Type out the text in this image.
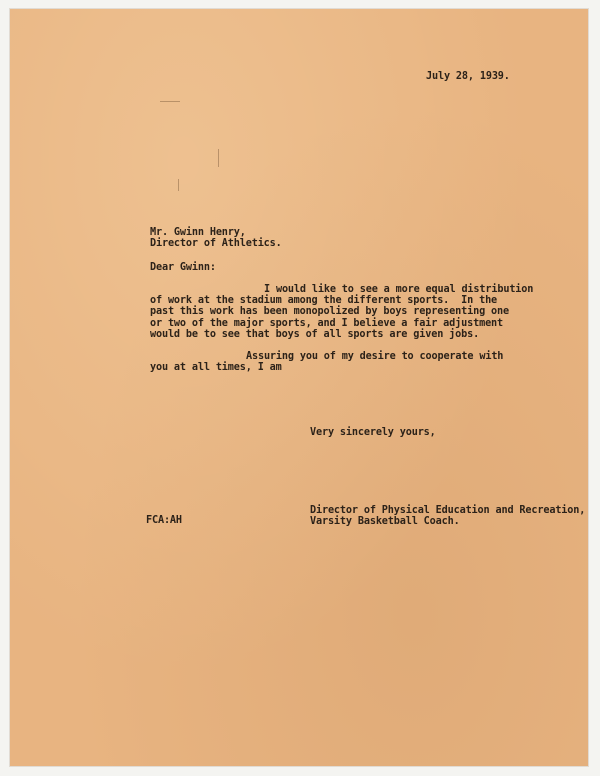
July 28, 1939.
Mr. Gwinn Henry,
Director of Athletics.
Dear Gwinn:
I would like to see a more equal distribution
of work at the stadium among the different sports.  In the
past this work has been monopolized by boys representing one
or two of the major sports, and I believe a fair adjustment
would be to see that boys of all sports are given jobs.
Assuring you of my desire to cooperate with
you at all times, I am
Very sincerely yours,
FCA:AH
Director of Physical Education and Recreation,
Varsity Basketball Coach.
